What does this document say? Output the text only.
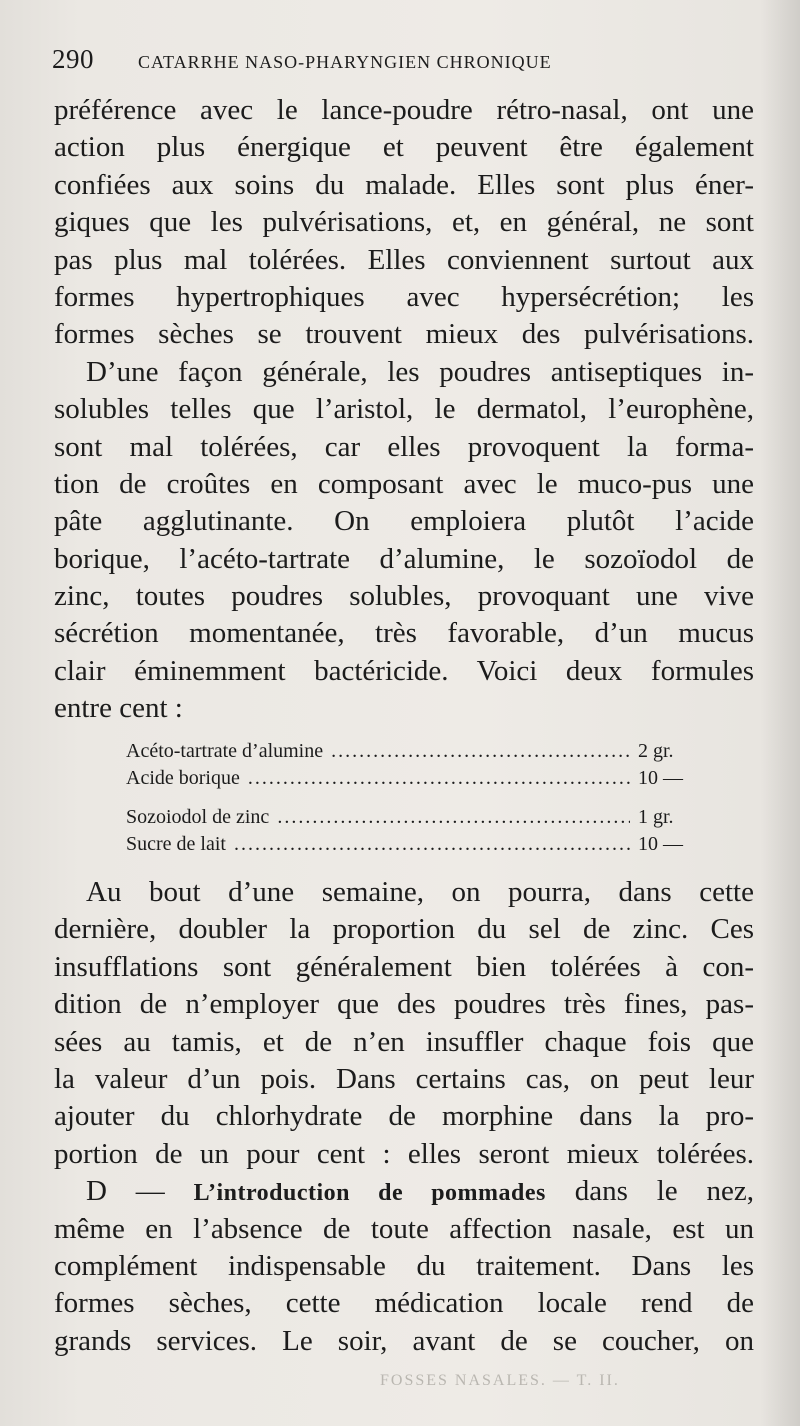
290 CATARRHE NASO-PHARYNGIEN CHRONIQUE
préférence avec le lance-poudre rétro-nasal, ont une
action plus énergique et peuvent être également
confiées aux soins du malade. Elles sont plus éner-
giques que les pulvérisations, et, en général, ne sont
pas plus mal tolérées. Elles conviennent surtout aux
formes hypertrophiques avec hypersécrétion; les
formes sèches se trouvent mieux des pulvérisations.
D’une façon générale, les poudres antiseptiques in-
solubles telles que l’aristol, le dermatol, l’europhène,
sont mal tolérées, car elles provoquent la forma-
tion de croûtes en composant avec le muco-pus une
pâte agglutinante. On emploiera plutôt l’acide
borique, l’acéto-tartrate d’alumine, le sozoïodol de
zinc, toutes poudres solubles, provoquant une vive
sécrétion momentanée, très favorable, d’un mucus
clair éminemment bactéricide. Voici deux formules
entre cent :
Acéto-tartrate d’alumine .....	2 gr.
Acide borique .....	10 —
Sozoiodol de zinc .....	1 gr.
Sucre de lait .....	10 —
Au bout d’une semaine, on pourra, dans cette
dernière, doubler la proportion du sel de zinc. Ces
insufflations sont généralement bien tolérées à con-
dition de n’employer que des poudres très fines, pas-
sées au tamis, et de n’en insuffler chaque fois que
la valeur d’un pois. Dans certains cas, on peut leur
ajouter du chlorhydrate de morphine dans la pro-
portion de un pour cent : elles seront mieux tolérées.
D — L’introduction de pommades dans le nez,
même en l’absence de toute affection nasale, est un
complément indispensable du traitement. Dans les
formes sèches, cette médication locale rend de
grands services. Le soir, avant de se coucher, on
FOSSES NASALES. — T. II.
